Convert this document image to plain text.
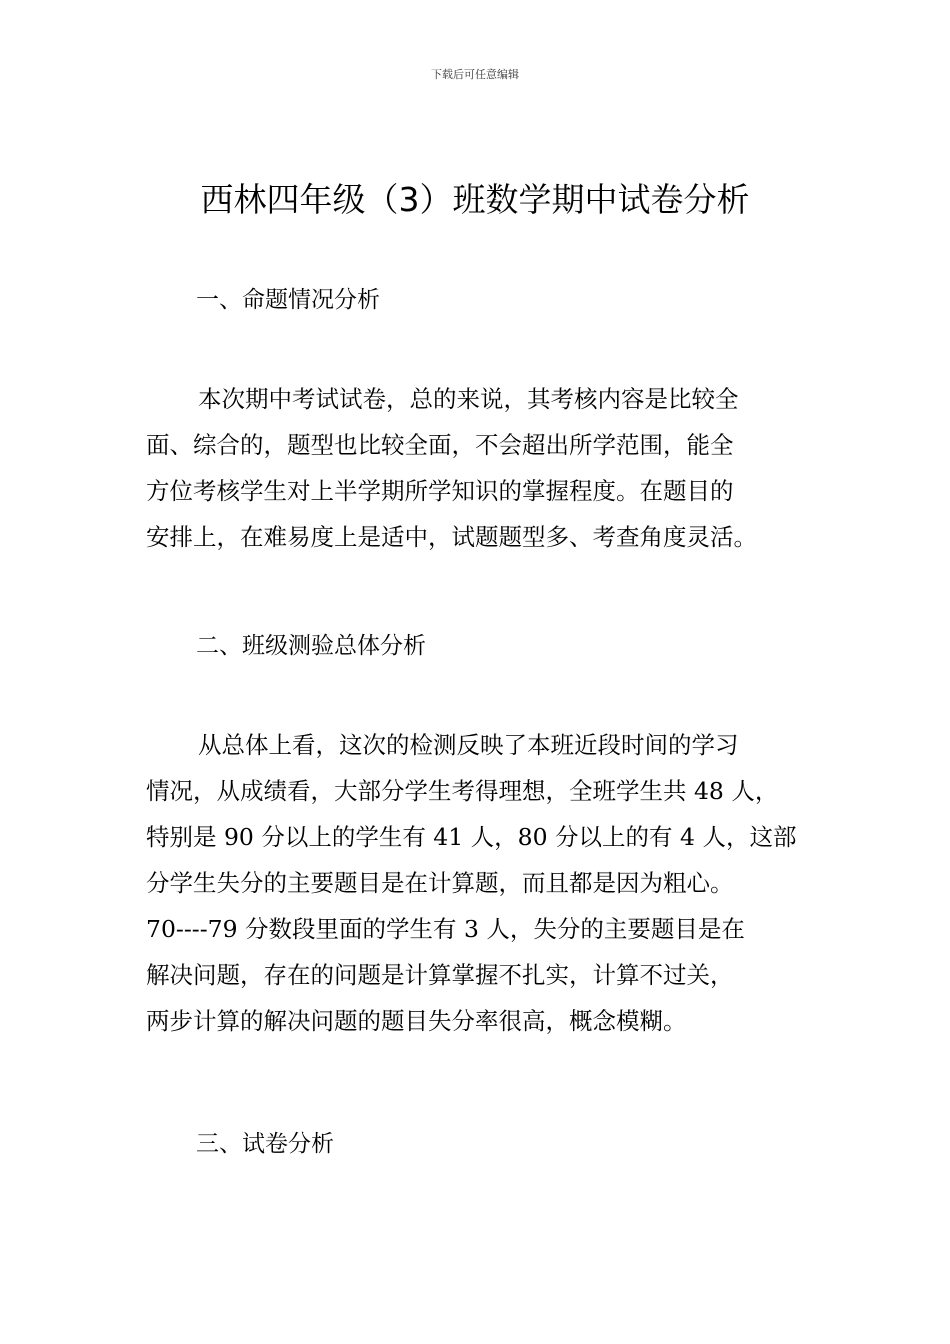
下载后可任意编辑
西林四年级（3）班数学期中试卷分析
一、命题情况分析
本次期中考试试卷，总的来说，其考核内容是比较全
面、综合的，题型也比较全面，不会超出所学范围，能全
方位考核学生对上半学期所学知识的掌握程度。在题目的
安排上，在难易度上是适中，试题题型多、考查角度灵活。
二、班级测验总体分析
从总体上看，这次的检测反映了本班近段时间的学习
情况，从成绩看，大部分学生考得理想，全班学生共 48 人，
特别是 90 分以上的学生有 41 人，80 分以上的有 4 人，这部
分学生失分的主要题目是在计算题，而且都是因为粗心。
70----79 分数段里面的学生有 3 人，失分的主要题目是在
解决问题，存在的问题是计算掌握不扎实，计算不过关，
两步计算的解决问题的题目失分率很高，概念模糊。
三、试卷分析
